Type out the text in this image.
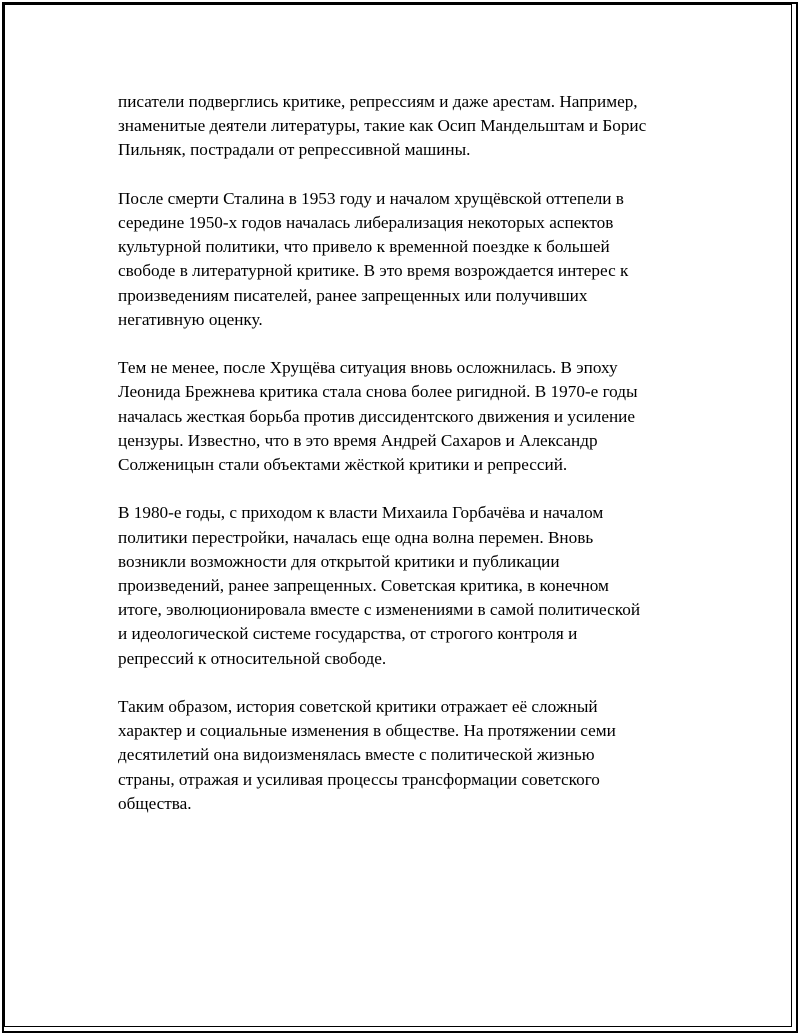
писатели подверглись критике, репрессиям и даже арестам. Например,
знаменитые деятели литературы, такие как Осип Мандельштам и Борис
Пильняк, пострадали от репрессивной машины.

После смерти Сталина в 1953 году и началом хрущёвской оттепели в
середине 1950-х годов началась либерализация некоторых аспектов
культурной политики, что привело к временной поездке к большей
свободе в литературной критике. В это время возрождается интерес к
произведениям писателей, ранее запрещенных или получивших
негативную оценку.

Тем не менее, после Хрущёва ситуация вновь осложнилась. В эпоху
Леонида Брежнева критика стала снова более ригидной. В 1970-е годы
началась жесткая борьба против диссидентского движения и усиление
цензуры. Известно, что в это время Андрей Сахаров и Александр
Солженицын стали объектами жёсткой критики и репрессий.

В 1980-е годы, с приходом к власти Михаила Горбачёва и началом
политики перестройки, началась еще одна волна перемен. Вновь
возникли возможности для открытой критики и публикации
произведений, ранее запрещенных. Советская критика, в конечном
итоге, эволюционировала вместе с изменениями в самой политической
и идеологической системе государства, от строгого контроля и
репрессий к относительной свободе.

Таким образом, история советской критики отражает её сложный
характер и социальные изменения в обществе. На протяжении семи
десятилетий она видоизменялась вместе с политической жизнью
страны, отражая и усиливая процессы трансформации советского
общества.
